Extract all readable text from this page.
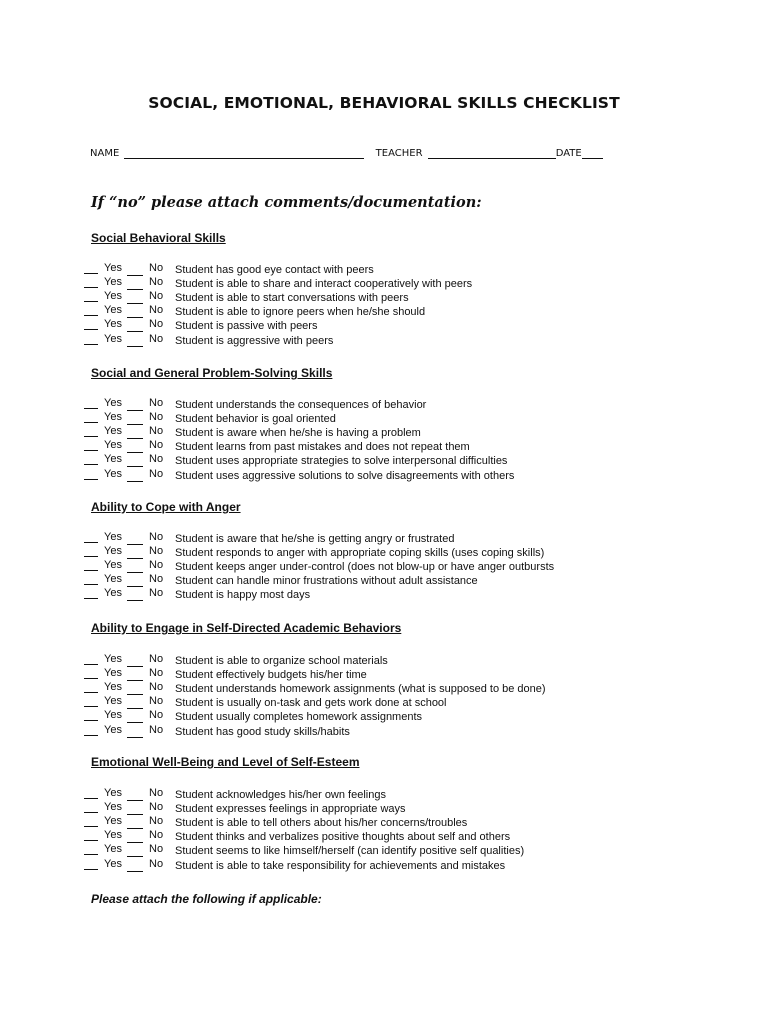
SOCIAL, EMOTIONAL, BEHAVIORAL SKILLS CHECKLIST
NAME	TEACHER	DATE
If “no” please attach comments/documentation:
Social Behavioral Skills
Yes No Student has good eye contact with peers
Yes No Student is able to share and interact cooperatively with peers
Yes No Student is able to start conversations with peers
Yes No Student is able to ignore peers when he/she should
Yes No Student is passive with peers
Yes No Student is aggressive with peers
Social and General Problem-Solving Skills
Yes No Student understands the consequences of behavior
Yes No Student behavior is goal oriented
Yes No Student is aware when he/she is having a problem
Yes No Student learns from past mistakes and does not repeat them
Yes No Student uses appropriate strategies to solve interpersonal difficulties
Yes No Student uses aggressive solutions to solve disagreements with others
Ability to Cope with Anger
Yes No Student is aware that he/she is getting angry or frustrated
Yes No Student responds to anger with appropriate coping skills (uses coping skills)
Yes No Student keeps anger under-control (does not blow-up or have anger outbursts
Yes No Student can handle minor frustrations without adult assistance
Yes No Student is happy most days
Ability to Engage in Self-Directed Academic Behaviors
Yes No Student is able to organize school materials
Yes No Student effectively budgets his/her time
Yes No Student understands homework assignments (what is supposed to be done)
Yes No Student is usually on-task and gets work done at school
Yes No Student usually completes homework assignments
Yes No Student has good study skills/habits
Emotional Well-Being and Level of Self-Esteem
Yes No Student acknowledges his/her own feelings
Yes No Student expresses feelings in appropriate ways
Yes No Student is able to tell others about his/her concerns/troubles
Yes No Student thinks and verbalizes positive thoughts about self and others
Yes No Student seems to like himself/herself (can identify positive self qualities)
Yes No Student is able to take responsibility for achievements and mistakes
Please attach the following if applicable:
